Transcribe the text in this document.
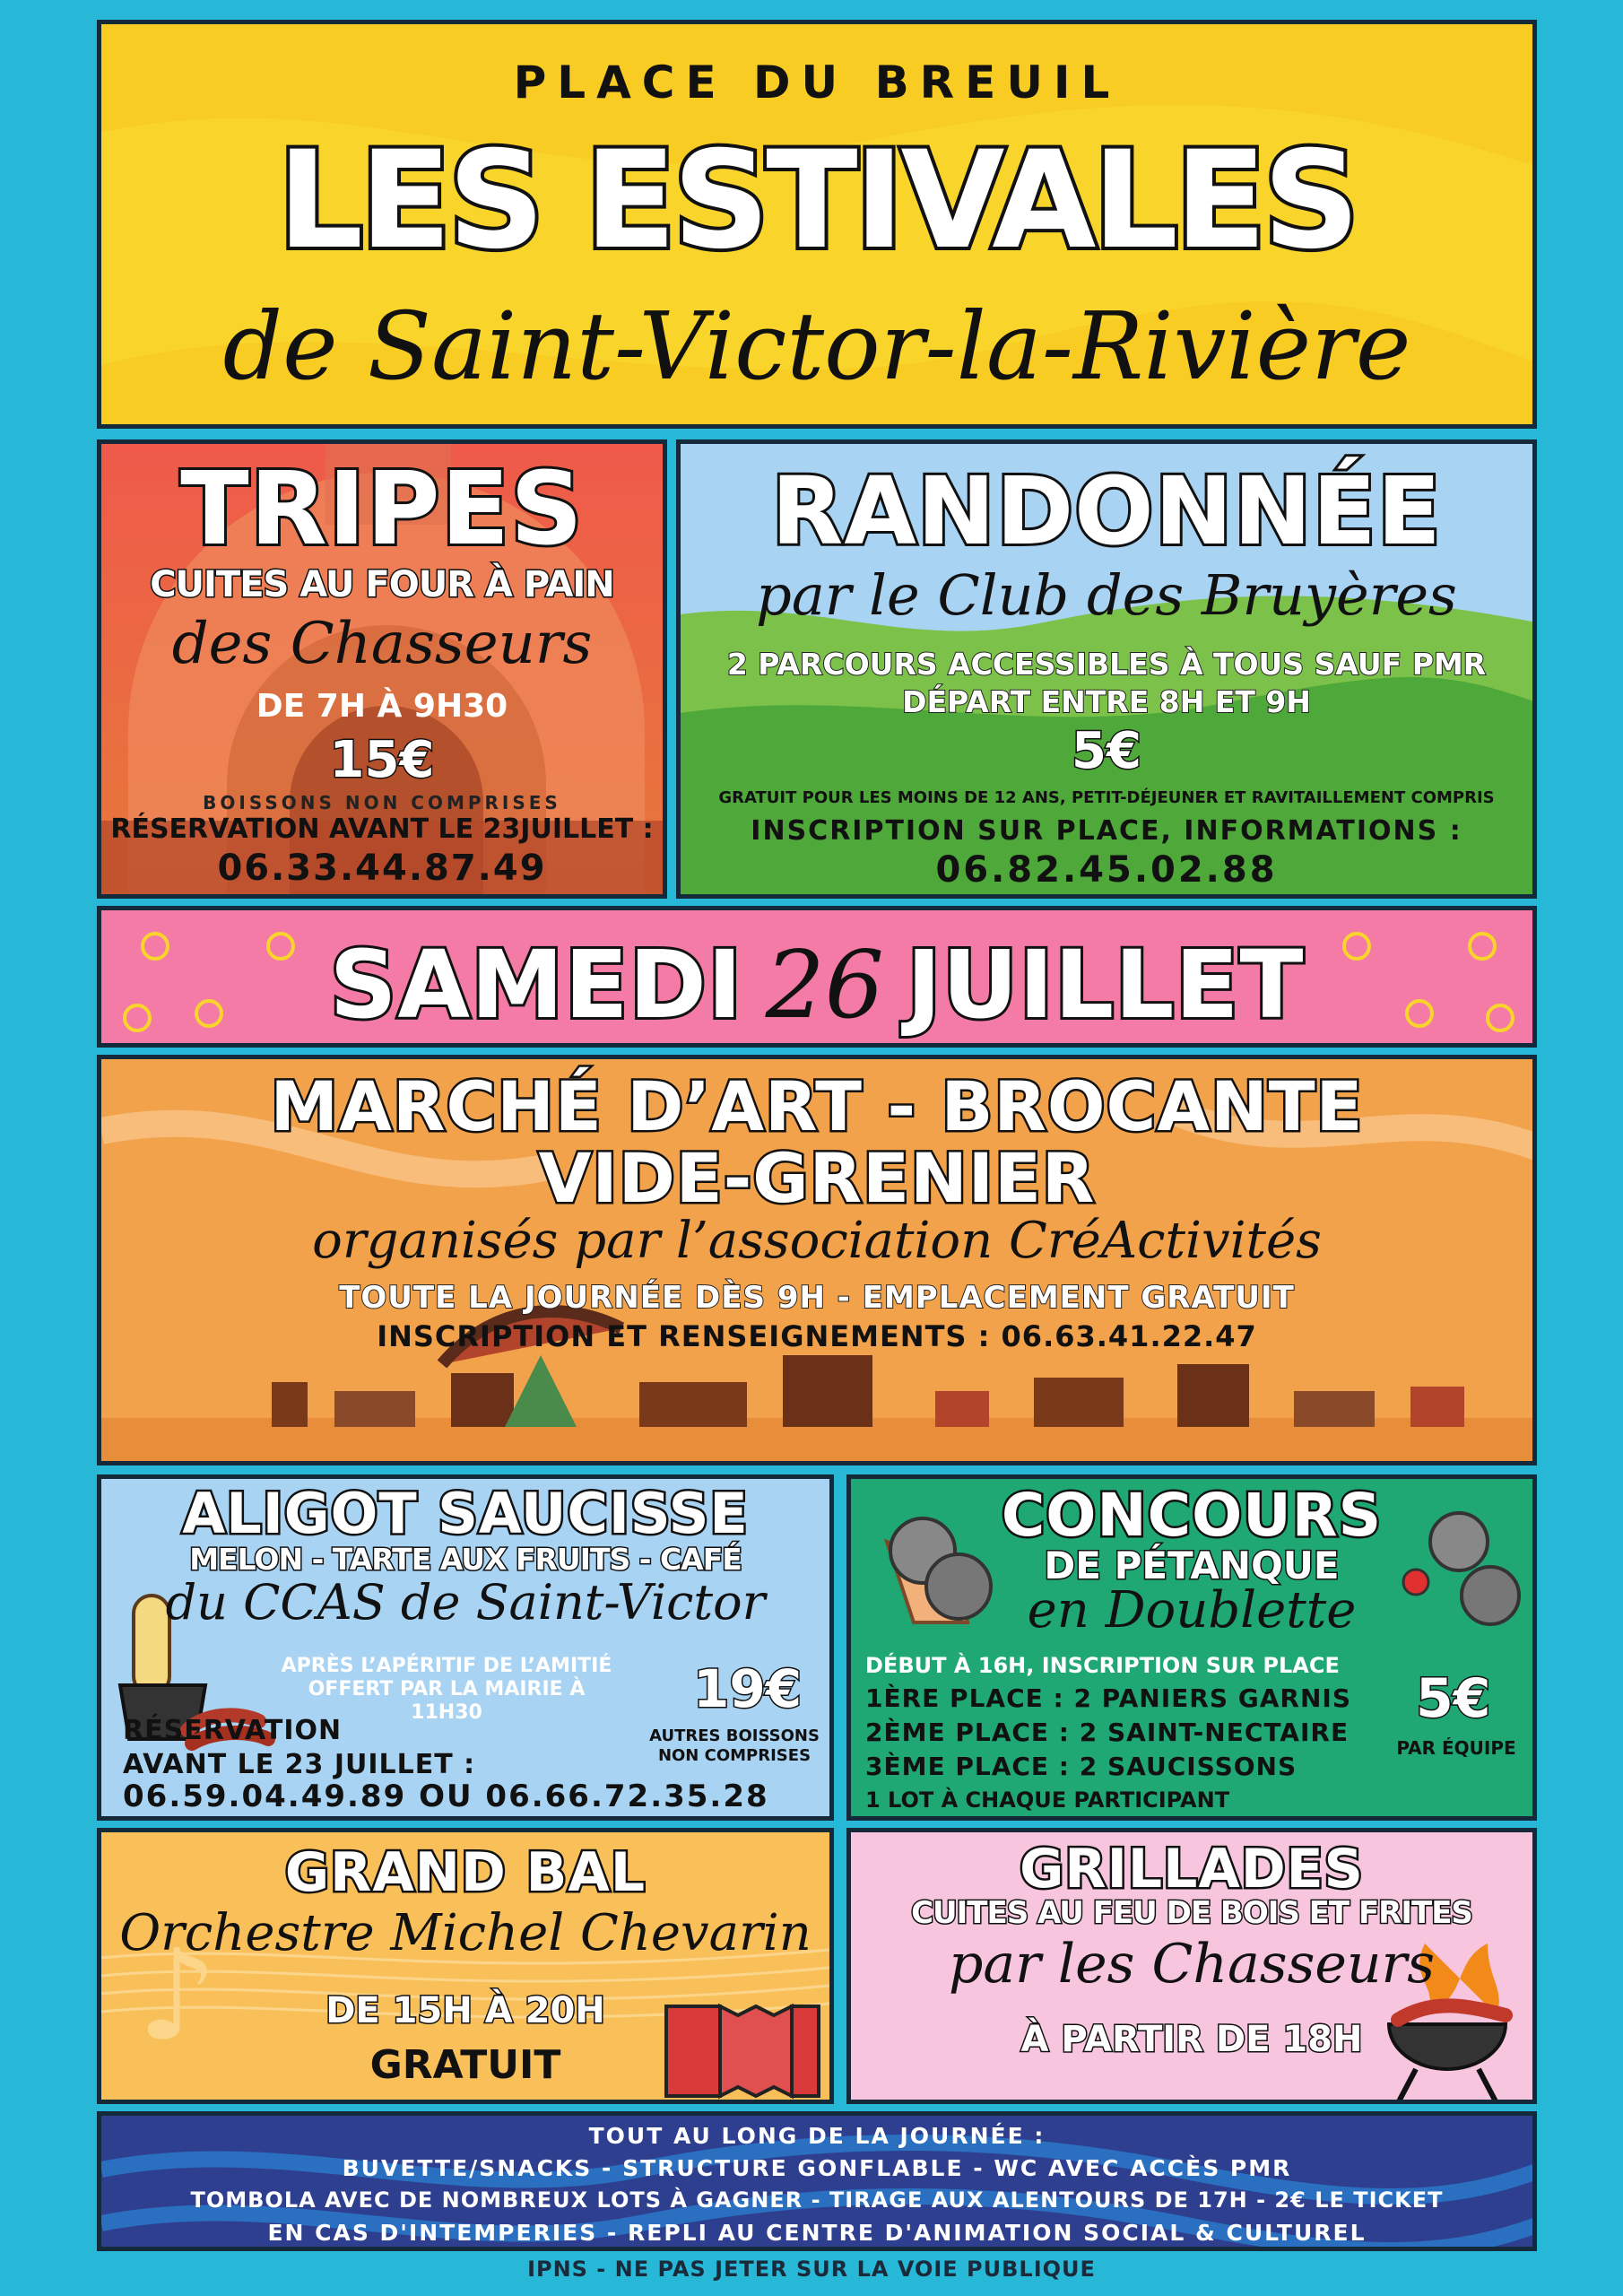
PLACE DU BREUIL
LES ESTIVALES
de Saint-Victor-la-Rivière
TRIPES
CUITES AU FOUR À PAIN
des Chasseurs
DE 7H À 9H30
15€
BOISSONS NON COMPRISES
RÉSERVATION AVANT LE 23JUILLET :
06.33.44.87.49
RANDONNÉE
par le Club des Bruyères
2 PARCOURS ACCESSIBLES À TOUS SAUF PMR
DÉPART ENTRE 8H ET 9H
5€
GRATUIT POUR LES MOINS DE 12 ANS, PETIT-DÉJEUNER ET RAVITAILLEMENT COMPRIS
INSCRIPTION SUR PLACE, INFORMATIONS :
06.82.45.02.88
SAMEDI 26 JUILLET
MARCHÉ D’ART - BROCANTE
VIDE-GRENIER
organisés par l’association CréActivités
TOUTE LA JOURNÉE DÈS 9H - EMPLACEMENT GRATUIT
INSCRIPTION ET RENSEIGNEMENTS : 06.63.41.22.47
ALIGOT SAUCISSE
MELON - TARTE AUX FRUITS - CAFÉ
du CCAS de Saint-Victor
APRÈS L’APÉRITIF DE L’AMITIÉ
OFFERT PAR LA MAIRIE À 11H30	19€
AUTRES BOISSONS
NON COMPRISES
RÉSERVATION
AVANT LE 23 JUILLET :
06.59.04.49.89 OU 06.66.72.35.28
CONCOURS
DE PÉTANQUE
en Doublette
DÉBUT À 16H, INSCRIPTION SUR PLACE
1ÈRE PLACE : 2 PANIERS GARNIS
2ÈME PLACE : 2 SAINT-NECTAIRE
3ÈME PLACE : 2 SAUCISSONS
1 LOT À CHAQUE PARTICIPANT
5€
PAR ÉQUIPE
♪
GRAND BAL
Orchestre Michel Chevarin
DE 15H À 20H
GRATUIT
GRILLADES
CUITES AU FEU DE BOIS ET FRITES
par les Chasseurs
À PARTIR DE 18H
TOUT AU LONG DE LA JOURNÉE :
BUVETTE/SNACKS - STRUCTURE GONFLABLE - WC AVEC ACCÈS PMR
TOMBOLA AVEC DE NOMBREUX LOTS À GAGNER - TIRAGE AUX ALENTOURS DE 17H - 2€ LE TICKET
EN CAS D'INTEMPERIES - REPLI AU CENTRE D'ANIMATION SOCIAL & CULTUREL
IPNS - NE PAS JETER SUR LA VOIE PUBLIQUE
